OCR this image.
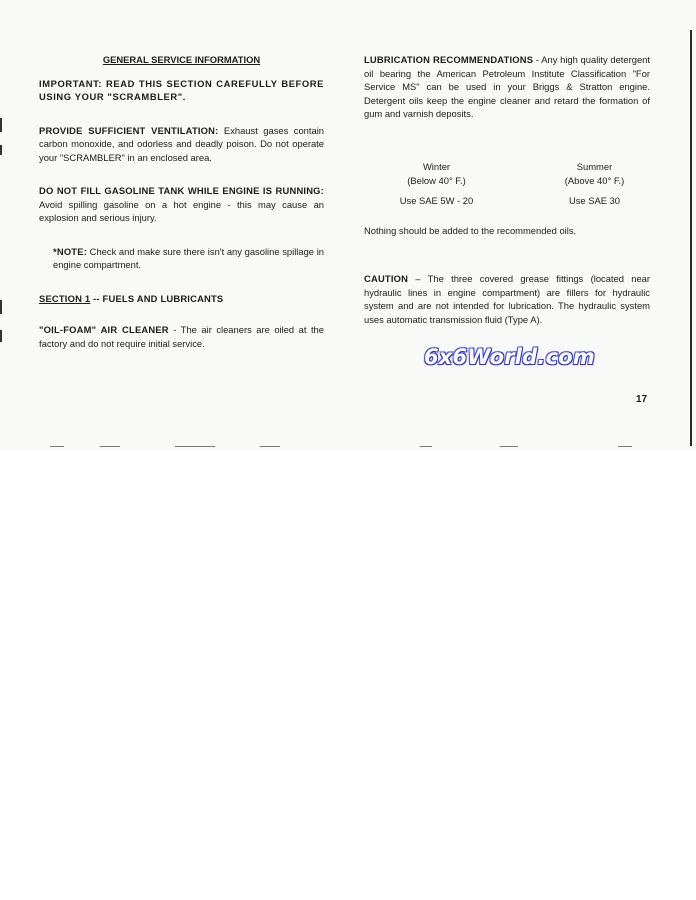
GENERAL SERVICE INFORMATION

IMPORTANT: READ THIS SECTION CAREFULLY BEFORE USING YOUR "SCRAMBLER".

PROVIDE SUFFICIENT VENTILATION: Exhaust gases contain carbon monoxide, and odorless and deadly poison. Do not operate your "SCRAMBLER" in an enclosed area.

DO NOT FILL GASOLINE TANK WHILE ENGINE IS RUNNING: Avoid spilling gasoline on a hot engine - this may cause an explosion and serious injury.

*NOTE: Check and make sure there isn't any gasoline spillage in engine compartment.

SECTION 1 -- FUELS AND LUBRICANTS

"OIL-FOAM" AIR CLEANER - The air cleaners are oiled at the factory and do not require initial service.

LUBRICATION RECOMMENDATIONS - Any high quality detergent oil bearing the American Petroleum Institute Classification "For Service MS" can be used in your Briggs & Stratton engine. Detergent oils keep the engine cleaner and retard the formation of gum and varnish deposits.

Winter
(Below 40° F.)
Use SAE 5W - 20
Summer
(Above 40° F.)
Use SAE 30

Nothing should be added to the recommended oils.

CAUTION – The three covered grease fittings (located near hydraulic lines in engine compartment) are fillers for hydraulic system and are not intended for lubrication. The hydraulic system uses automatic transmission fluid (Type A).

6x6World.com
17
